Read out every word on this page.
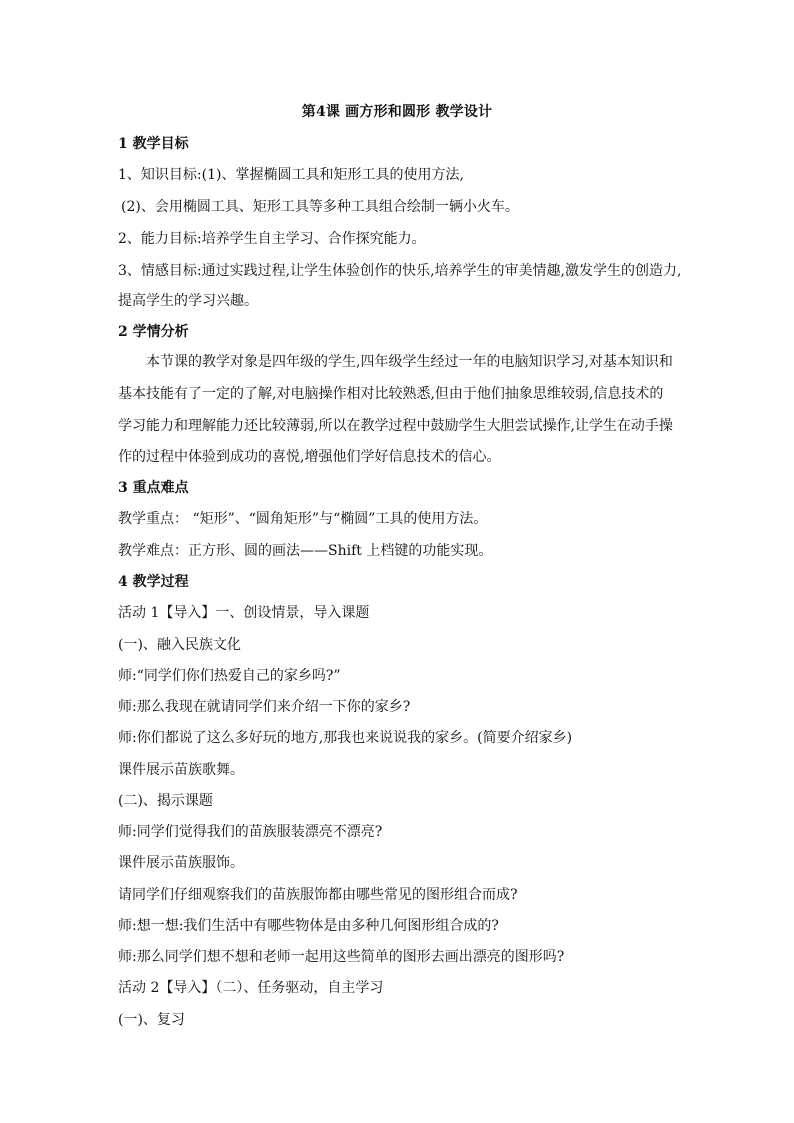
第4课 画方形和圆形 教学设计
1 教学目标
1、知识目标:(1)、掌握椭圆工具和矩形工具的使用方法,
(2)、会用椭圆工具、矩形工具等多种工具组合绘制一辆小火车。
2、能力目标:培养学生自主学习、合作探究能力。
3、情感目标:通过实践过程,让学生体验创作的快乐,培养学生的审美情趣,激发学生的创造力,
提高学生的学习兴趣。
2 学情分析
本节课的教学对象是四年级的学生,四年级学生经过一年的电脑知识学习,对基本知识和
基本技能有了一定的了解,对电脑操作相对比较熟悉,但由于他们抽象思维较弱,信息技术的
学习能力和理解能力还比较薄弱,所以在教学过程中鼓励学生大胆尝试操作,让学生在动手操
作的过程中体验到成功的喜悦,增强他们学好信息技术的信心。
3 重点难点
教学重点： “矩形”、“圆角矩形”与“椭圆”工具的使用方法。
教学难点：正方形、圆的画法——Shift 上档键的功能实现。
4 教学过程
活动 1【导入】一、创设情景，导入课题
(一)、融入民族文化
师:“同学们你们热爱自己的家乡吗?”
师:那么我现在就请同学们来介绍一下你的家乡?
师:你们都说了这么多好玩的地方,那我也来说说我的家乡。(简要介绍家乡)
课件展示苗族歌舞。
(二)、揭示课题
师:同学们觉得我们的苗族服装漂亮不漂亮?
课件展示苗族服饰。
请同学们仔细观察我们的苗族服饰都由哪些常见的图形组合而成?
师:想一想:我们生活中有哪些物体是由多种几何图形组合成的?
师:那么同学们想不想和老师一起用这些简单的图形去画出漂亮的图形吗?
活动 2【导入】（二）、任务驱动，自主学习
(一)、复习
